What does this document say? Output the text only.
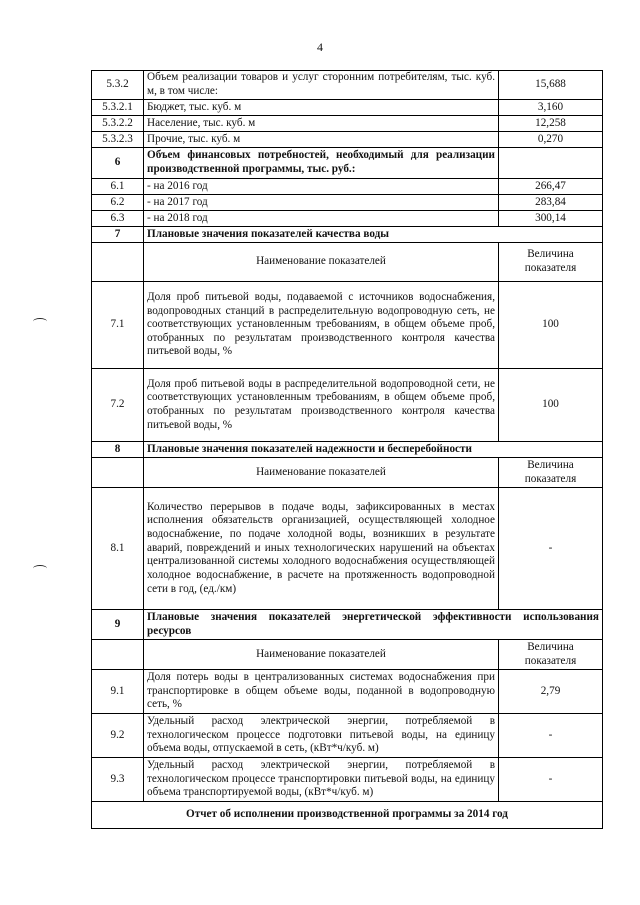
4
5.3.2	Объем реализации товаров и услуг сторонним потребителям, тыс. куб. м, в том числе:	15,688
5.3.2.1	Бюджет, тыс. куб. м	3,160
5.3.2.2	Население, тыс. куб. м	12,258
5.3.2.3	Прочие, тыс. куб. м	0,270
6	Объем финансовых потребностей, необходимый для реализации производственной программы, тыс. руб.:	
6.1	- на 2016 год	266,47
6.2	- на 2017 год	283,84
6.3	- на 2018 год	300,14
7	Плановые значения показателей качества воды	
	Наименование показателей	Величина показателя
7.1	Доля проб питьевой воды, подаваемой с источников водоснабжения, водопроводных станций в распределительную водопроводную сеть, не соответствующих установленным требованиям, в общем объеме проб, отобранных по результатам производственного контроля качества питьевой воды, %	100
7.2	Доля проб питьевой воды в распределительной водопроводной сети, не соответствующих установленным требованиям, в общем объеме проб, отобранных по результатам производственного контроля качества питьевой воды, %	100
8	Плановые значения показателей надежности и бесперебойности	
	Наименование показателей	Величина показателя
8.1	Количество перерывов в подаче воды, зафиксированных в местах исполнения обязательств организацией, осуществляющей холодное водоснабжение, по подаче холодной воды, возникших в результате аварий, повреждений и иных технологических нарушений на объектах централизованной системы холодного водоснабжения осуществляющей холодное водоснабжение, в расчете на протяженность водопроводной сети в год, (ед./км)	-
9	Плановые значения показателей энергетической эффективности использования ресурсов	
	Наименование показателей	Величина показателя
9.1	Доля потерь воды в централизованных системах водоснабжения при транспортировке в общем объеме воды, поданной в водопроводную сеть, %	2,79
9.2	Удельный расход электрической энергии, потребляемой в технологическом процессе подготовки питьевой воды, на единицу объема воды, отпускаемой в сеть, (кВт*ч/куб. м)	-
9.3	Удельный расход электрической энергии, потребляемой в технологическом процессе транспортировки питьевой воды, на единицу объема транспортируемой воды, (кВт*ч/куб. м)	-
Отчет об исполнении производственной программы за 2014 год		
